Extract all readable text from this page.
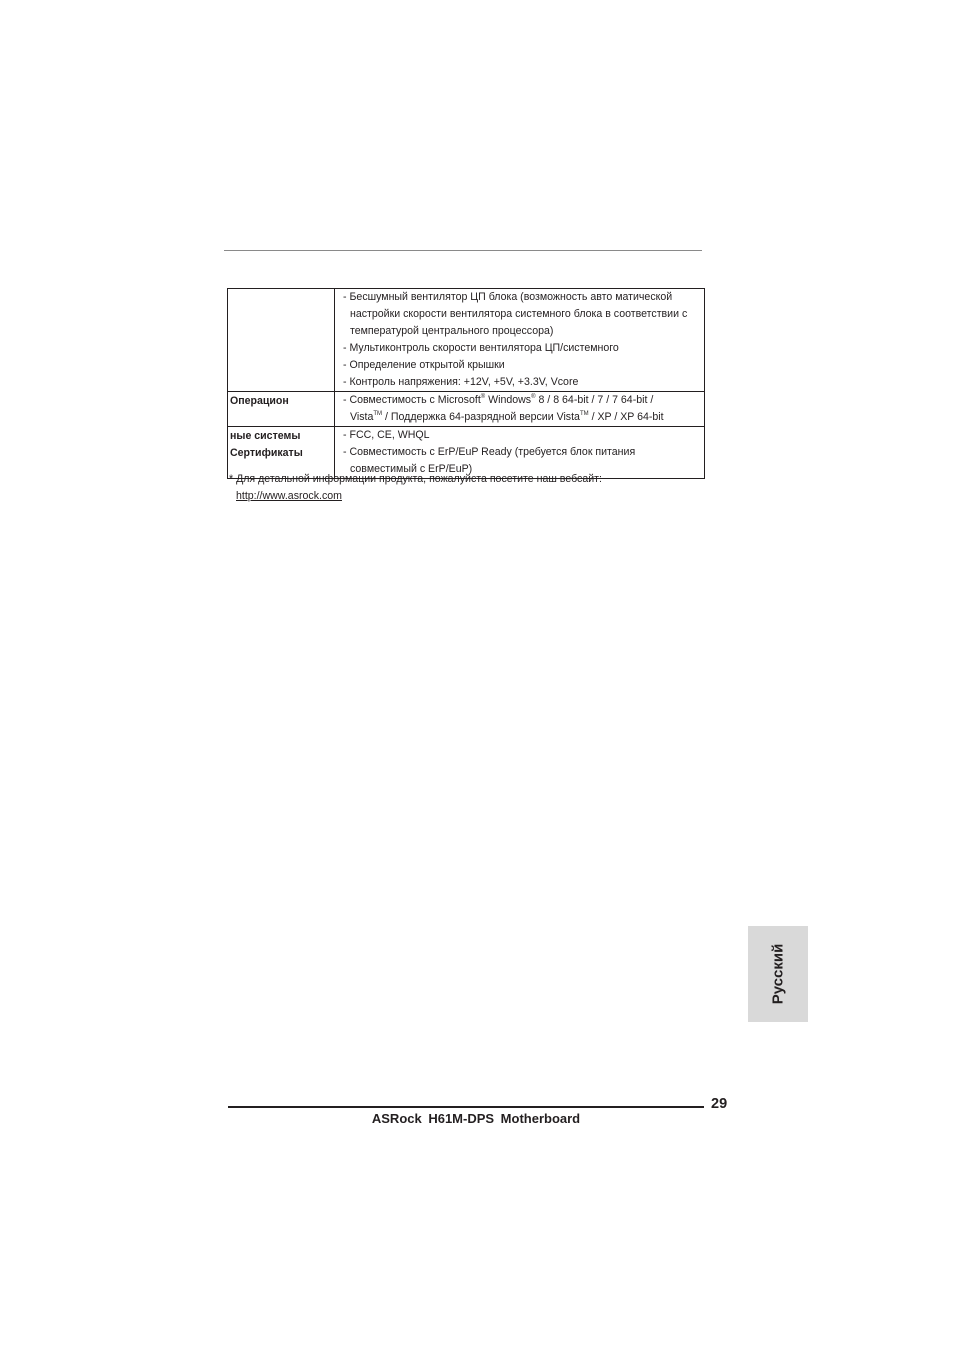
	- Бесшумный вентилятор ЦП блока (возможность авто матической настройки скорости вентилятора системного блока в соответствии с температурой центрального процессора)
- Мультиконтроль скорости вентилятора ЦП/системного
- Определение открытой крышки
- Контроль напряжения: +12V, +5V, +3.3V, Vcore

Операцион	- Совместимость с Microsoft® Windows® 8 / 8 64-bit / 7 / 7 64-bit /
Vista™ / Поддержка 64-разрядной версии Vista™ / XP / XP 64-bit

ные системы
Сертификаты	- FCC, CE, WHQL
- Совместимость с ErP/EuP Ready (требуется блок питания совместимый с ErP/EuP)
* Для детальной информации продукта, пожалуйста посетите наш вебсайт:
http://www.asrock.com
Русский
29
ASRock H61M-DPS Motherboard
